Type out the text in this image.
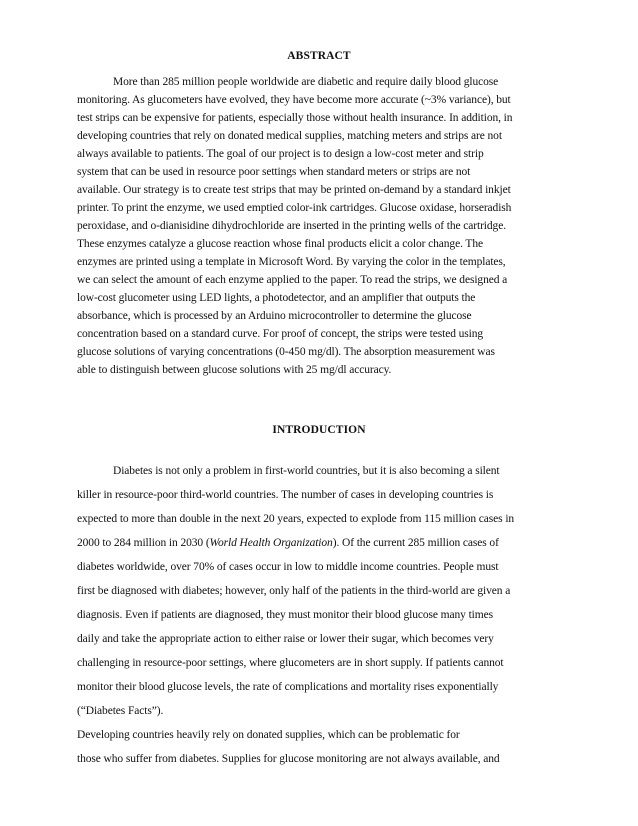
ABSTRACT
More than 285 million people worldwide are diabetic and require daily blood glucose
monitoring. As glucometers have evolved, they have become more accurate (~3% variance), but
test strips can be expensive for patients, especially those without health insurance. In addition, in
developing countries that rely on donated medical supplies, matching meters and strips are not
always available to patients. The goal of our project is to design a low-cost meter and strip
system that can be used in resource poor settings when standard meters or strips are not
available. Our strategy is to create test strips that may be printed on-demand by a standard inkjet
printer. To print the enzyme, we used emptied color-ink cartridges. Glucose oxidase, horseradish
peroxidase, and o-dianisidine dihydrochloride are inserted in the printing wells of the cartridge.
These enzymes catalyze a glucose reaction whose final products elicit a color change. The
enzymes are printed using a template in Microsoft Word. By varying the color in the templates,
we can select the amount of each enzyme applied to the paper. To read the strips, we designed a
low-cost glucometer using LED lights, a photodetector, and an amplifier that outputs the
absorbance, which is processed by an Arduino microcontroller to determine the glucose
concentration based on a standard curve. For proof of concept, the strips were tested using
glucose solutions of varying concentrations (0-450 mg/dl). The absorption measurement was
able to distinguish between glucose solutions with 25 mg/dl accuracy.
INTRODUCTION
Diabetes is not only a problem in first-world countries, but it is also becoming a silent
killer in resource-poor third-world countries. The number of cases in developing countries is
expected to more than double in the next 20 years, expected to explode from 115 million cases in
2000 to 284 million in 2030 (World Health Organization). Of the current 285 million cases of
diabetes worldwide, over 70% of cases occur in low to middle income countries. People must
first be diagnosed with diabetes; however, only half of the patients in the third-world are given a
diagnosis. Even if patients are diagnosed, they must monitor their blood glucose many times
daily and take the appropriate action to either raise or lower their sugar, which becomes very
challenging in resource-poor settings, where glucometers are in short supply. If patients cannot
monitor their blood glucose levels, the rate of complications and mortality rises exponentially
(“Diabetes Facts”).
Developing countries heavily rely on donated supplies, which can be problematic for
those who suffer from diabetes. Supplies for glucose monitoring are not always available, and
